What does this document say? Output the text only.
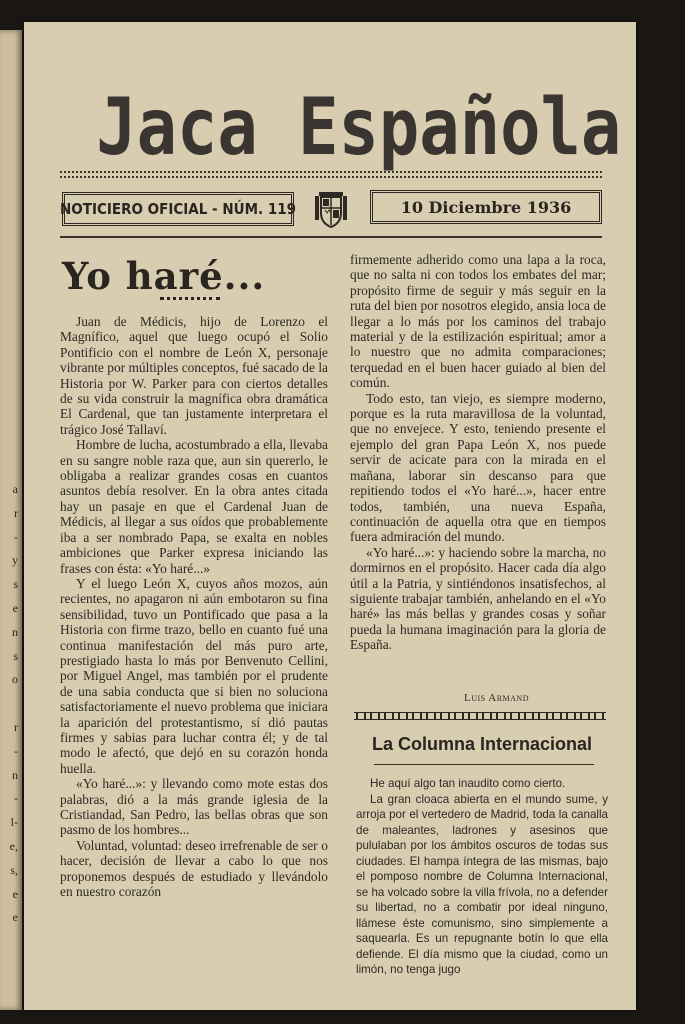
a
r
-
y
s
e
n
s
o
r
-
n
-
l-
e,
s,
e
e
Jaca Española
NOTICIERO OFICIAL - NÚM. 119	10 Diciembre 1936
Yo haré...

Juan de Médicis, hijo de Lorenzo el Magnífico, aquel que luego ocupó el Solio Pontificio con el nombre de León X, personaje vibrante por múltiples conceptos, fué sacado de la Historia por W. Parker para con ciertos detalles de su vida construir la magnífica obra dramática El Cardenal, que tan justamente interpretara el trágico José Tallaví.

Hombre de lucha, acostumbrado a ella, llevaba en su sangre noble raza que, aun sin quererlo, le obligaba a realizar grandes cosas en cuantos asuntos debía resolver. En la obra antes citada hay un pasaje en que el Cardenal Juan de Médicis, al llegar a sus oídos que probablemente iba a ser nombrado Papa, se exalta en nobles ambiciones que Parker expresa iniciando las frases con ésta: «Yo haré...»

Y el luego León X, cuyos años mozos, aún recientes, no apagaron ni aún embotaron su fina sensibilidad, tuvo un Pontificado que pasa a la Historia con firme trazo, bello en cuanto fué una continua manifestación del más puro arte, prestigiado hasta lo más por Benvenuto Cellini, por Miguel Angel, mas también por el prudente de una sabia conducta que si bien no soluciona satisfactoriamente el nuevo problema que iniciara la aparición del protestantismo, sí dió pautas firmes y sabias para luchar contra él; y de tal modo le afectó, que dejó en su corazón honda huella.

«Yo haré...»: y llevando como mote estas dos palabras, dió a la más grande iglesia de la Cristiandad, San Pedro, las bellas obras que son pasmo de los hombres...

Voluntad, voluntad: deseo irrefrenable de ser o hacer, decisión de llevar a cabo lo que nos proponemos después de estudiado y llevándolo en nuestro corazón

firmemente adherido como una lapa a la roca, que no salta ni con todos los embates del mar; propósito firme de seguir y más seguir en la ruta del bien por nosotros elegido, ansia loca de llegar a lo más por los caminos del trabajo material y de la estilización espiritual; amor a lo nuestro que no admita comparaciones; terquedad en el buen hacer guiado al bien del común.

Todo esto, tan viejo, es siempre moderno, porque es la ruta maravillosa de la voluntad, que no envejece. Y esto, teniendo presente el ejemplo del gran Papa León X, nos puede servir de acicate para con la mirada en el mañana, laborar sin descanso para que repitiendo todos el «Yo haré...», hacer entre todos, también, una nueva España, continuación de aquella otra que en tiempos fuera admiración del mundo.

«Yo haré...»: y haciendo sobre la marcha, no dormirnos en el propósito. Hacer cada día algo útil a la Patria, y sintiéndonos insatisfechos, al siguiente trabajar también, anhelando en el «Yo haré» las más bellas y grandes cosas y soñar pueda la humana imaginación para la gloria de España.

Luis Armand
La Columna Internacional

He aquí algo tan inaudito como cierto.

La gran cloaca abierta en el mundo sume, y arroja por el vertedero de Madrid, toda la canalla de maleantes, ladrones y asesinos que pululaban por los ámbitos oscuros de todas sus ciudades. El hampa íntegra de las mismas, bajo el pomposo nombre de Columna Internacional, se ha volcado sobre la villa frívola, no a defender su libertad, no a combatir por ideal ninguno, llámese éste comunismo, sino simplemente a saquearla. Es un repugnante botín lo que ella defiende. El día mismo que la ciudad, como un limón, no tenga jugo
